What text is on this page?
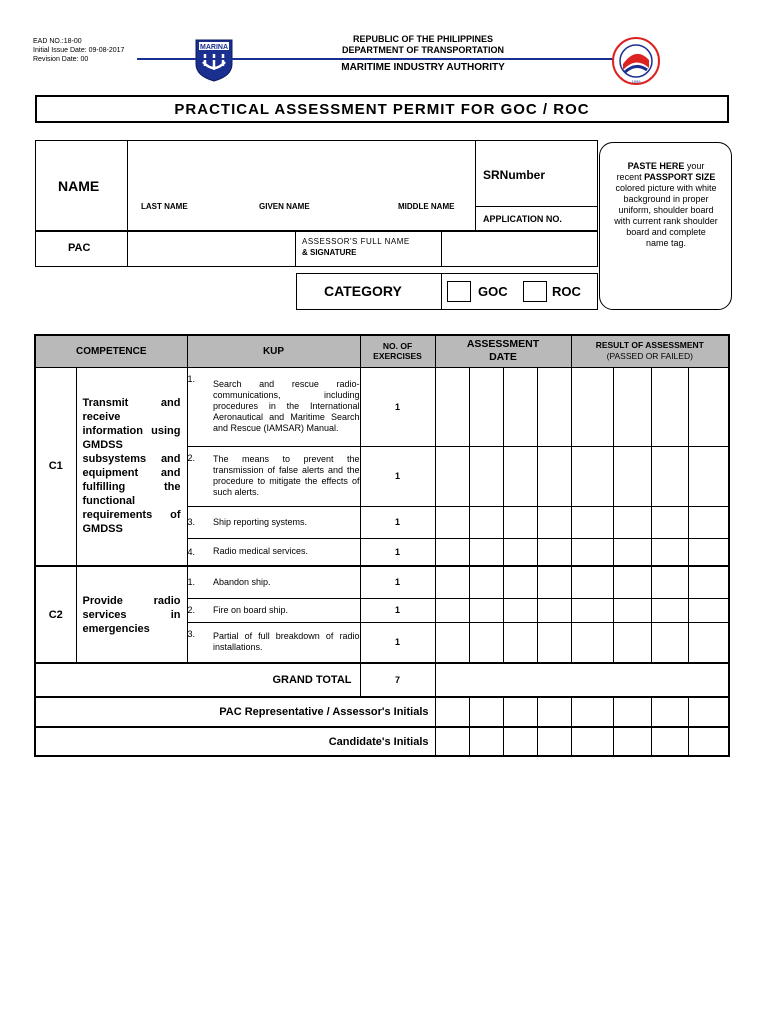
EAD NO.:18-00
Initial Issue Date: 09-08-2017
Revision Date: 00
MARINA
REPUBLIC OF THE PHILIPPINES
DEPARTMENT OF TRANSPORTATION
MARITIME INDUSTRY AUTHORITY
1899
PRACTICAL ASSESSMENT PERMIT FOR GOC / ROC
NAME
LAST NAME	GIVEN NAME	MIDDLE NAME
SRNumber
APPLICATION NO.
PAC
ASSESSOR'S FULL NAME
& SIGNATURE
PASTE HERE your recent PASSPORT SIZE colored picture with white background in proper uniform, shoulder board with current rank shoulder board and complete name tag.
CATEGORY	GOC	ROC
COMPETENCE		KUP		NO. OF EXERCISES	ASSESSMENT DATE				RESULT OF ASSESSMENT
(PASSED OR FAILED)			

C1	Transmit and receive information using GMDSS subsystems and equipment and fulfilling the functional requirements of GMDSS	1.	Search and rescue radio-communications, including procedures in the International Aeronautical and Maritime Search and Rescue (IAMSAR) Manual.	1								
		2.	The means to prevent the transmission of false alerts and the procedure to mitigate the effects of such alerts.	1								
		3.	Ship reporting systems.	1								
		4.	Radio medical services.	1								
C2	Provide radio services in emergencies	1.	Abandon ship.	1								
		2.	Fire on board ship.	1								
		3.	Partial of full breakdown of radio installations.	1								
GRAND TOTAL				7								
PAC Representative / Assessor's Initials												
Candidate's Initials												
